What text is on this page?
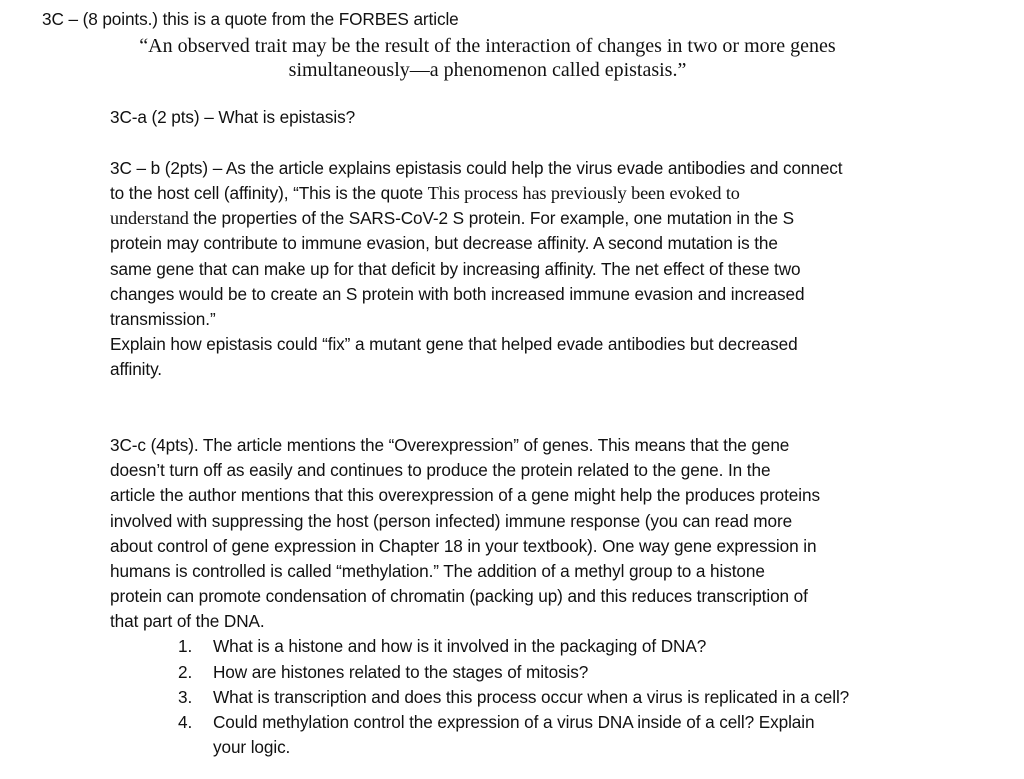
3C – (8 points.) this is a quote from the FORBES article
“An observed trait may be the result of the interaction of changes in two or more genes
simultaneously—a phenomenon called epistasis.”
3C-a (2 pts) – What is epistasis?
3C – b (2pts) – As the article explains epistasis could help the virus evade antibodies and connect
to the host cell (affinity), “This is the quote This process has previously been evoked to
understand the properties of the SARS-CoV-2 S protein. For example, one mutation in the S
protein may contribute to immune evasion, but decrease affinity. A second mutation is the
same gene that can make up for that deficit by increasing affinity. The net effect of these two
changes would be to create an S protein with both increased immune evasion and increased
transmission.”
Explain how epistasis could “fix” a mutant gene that helped evade antibodies but decreased
affinity.
3C-c (4pts). The article mentions the “Overexpression” of genes. This means that the gene
doesn’t turn off as easily and continues to produce the protein related to the gene. In the
article the author mentions that this overexpression of a gene might help the produces proteins
involved with suppressing the host (person infected) immune response (you can read more
about control of gene expression in Chapter 18 in your textbook). One way gene expression in
humans is controlled is called “methylation.” The addition of a methyl group to a histone
protein can promote condensation of chromatin (packing up) and this reduces transcription of
that part of the DNA.
1. What is a histone and how is it involved in the packaging of DNA?
2. How are histones related to the stages of mitosis?
3. What is transcription and does this process occur when a virus is replicated in a cell?
4. Could methylation control the expression of a virus DNA inside of a cell? Explain
your logic.
